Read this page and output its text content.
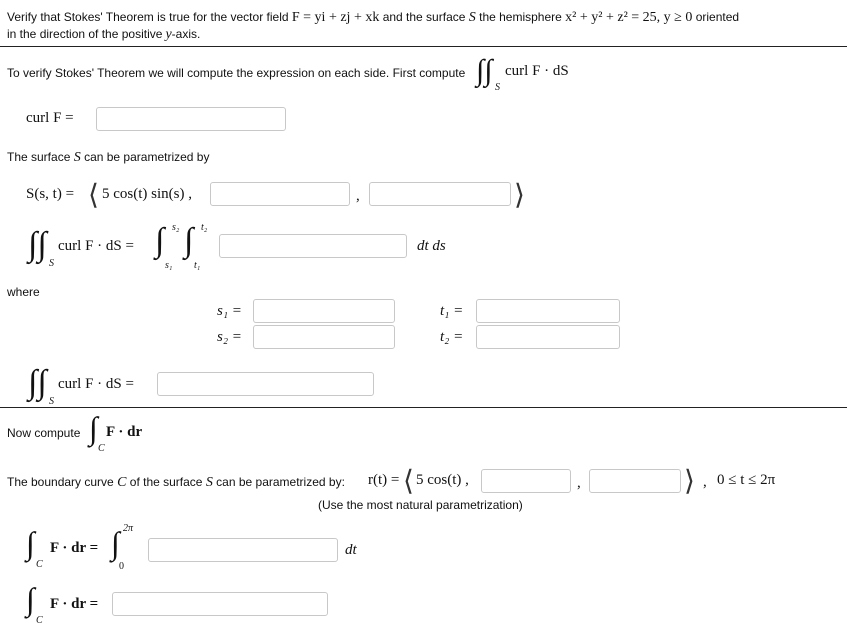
Verify that Stokes' Theorem is true for the vector field F = yi + zj + xk and the surface S the hemisphere x² + y² + z² = 25, y ≥ 0 oriented
in the direction of the positive y-axis.
To verify Stokes' Theorem we will compute the expression on each side. First compute ∫∫
S
curl F · dS
curl F =
The surface S can be parametrized by
S(s, t) = ⟨ 5 cos(t) sin(s) ,	,	⟩
∫∫
S
curl F · dS = ∫ s₂
s₁
∫ t₂
t₁
dt ds
where
s₁ =	t₁ =
s₂ =	t₂ =
∫∫
S
curl F · dS =
Now compute ∫
C
F · dr
The boundary curve C of the surface S can be parametrized by: r(t) = ⟨ 5 cos(t) ,	,	⟩ , 0 ≤ t ≤ 2π
(Use the most natural parametrization)
∫
C
F · dr = ∫ 2π
0
dt
∫
C
F · dr =
